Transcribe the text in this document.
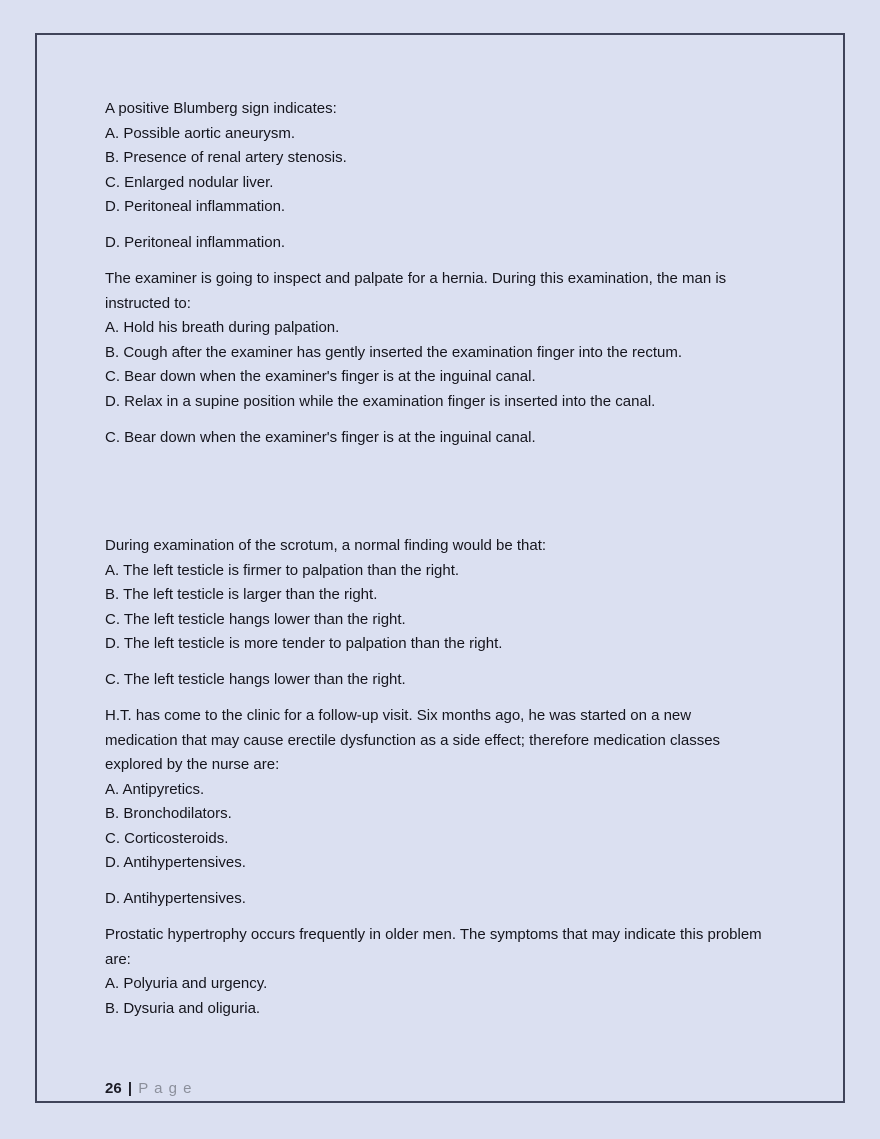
A positive Blumberg sign indicates:
A. Possible aortic aneurysm.
B. Presence of renal artery stenosis.
C. Enlarged nodular liver.
D. Peritoneal inflammation.
D. Peritoneal inflammation.
The examiner is going to inspect and palpate for a hernia. During this examination, the man is instructed to:
A. Hold his breath during palpation.
B. Cough after the examiner has gently inserted the examination finger into the rectum.
C. Bear down when the examiner's finger is at the inguinal canal.
D. Relax in a supine position while the examination finger is inserted into the canal.
C. Bear down when the examiner's finger is at the inguinal canal.
During examination of the scrotum, a normal finding would be that:
A. The left testicle is firmer to palpation than the right.
B. The left testicle is larger than the right.
C. The left testicle hangs lower than the right.
D. The left testicle is more tender to palpation than the right.
C. The left testicle hangs lower than the right.
H.T. has come to the clinic for a follow-up visit. Six months ago, he was started on a new medication that may cause erectile dysfunction as a side effect; therefore medication classes explored by the nurse are:
A. Antipyretics.
B. Bronchodilators.
C. Corticosteroids.
D. Antihypertensives.
D. Antihypertensives.
Prostatic hypertrophy occurs frequently in older men. The symptoms that may indicate this problem are:
A. Polyuria and urgency.
B. Dysuria and oliguria.
26 | P a g e
